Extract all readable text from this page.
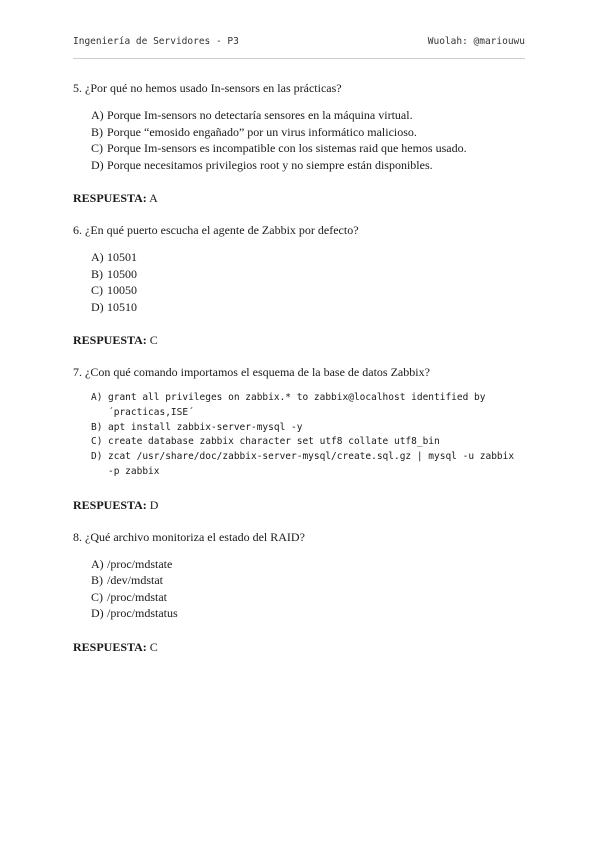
Ingeniería de Servidores - P3	Wuolah: @mariouwu

5. ¿Por qué no hemos usado In-sensors en las prácticas?

A) Porque Im-sensors no detectaría sensores en la máquina virtual.
B) Porque “emosido engañado” por un virus informático malicioso.
C) Porque Im-sensors es incompatible con los sistemas raid que hemos usado.
D) Porque necesitamos privilegios root y no siempre están disponibles.

RESPUESTA: A

6. ¿En qué puerto escucha el agente de Zabbix por defecto?

A) 10501
B) 10500
C) 10050
D) 10510

RESPUESTA: C

7. ¿Con qué comando importamos el esquema de la base de datos Zabbix?

A) grant all privileges on zabbix.* to zabbix@localhost identified by ´practicas,ISE´
B) apt install zabbix-server-mysql -y
C) create database zabbix character set utf8 collate utf8_bin
D) zcat /usr/share/doc/zabbix-server-mysql/create.sql.gz | mysql -u zabbix -p zabbix

RESPUESTA: D

8. ¿Qué archivo monitoriza el estado del RAID?

A) /proc/mdstate
B) /dev/mdstat
C) /proc/mdstat
D) /proc/mdstatus

RESPUESTA: C
